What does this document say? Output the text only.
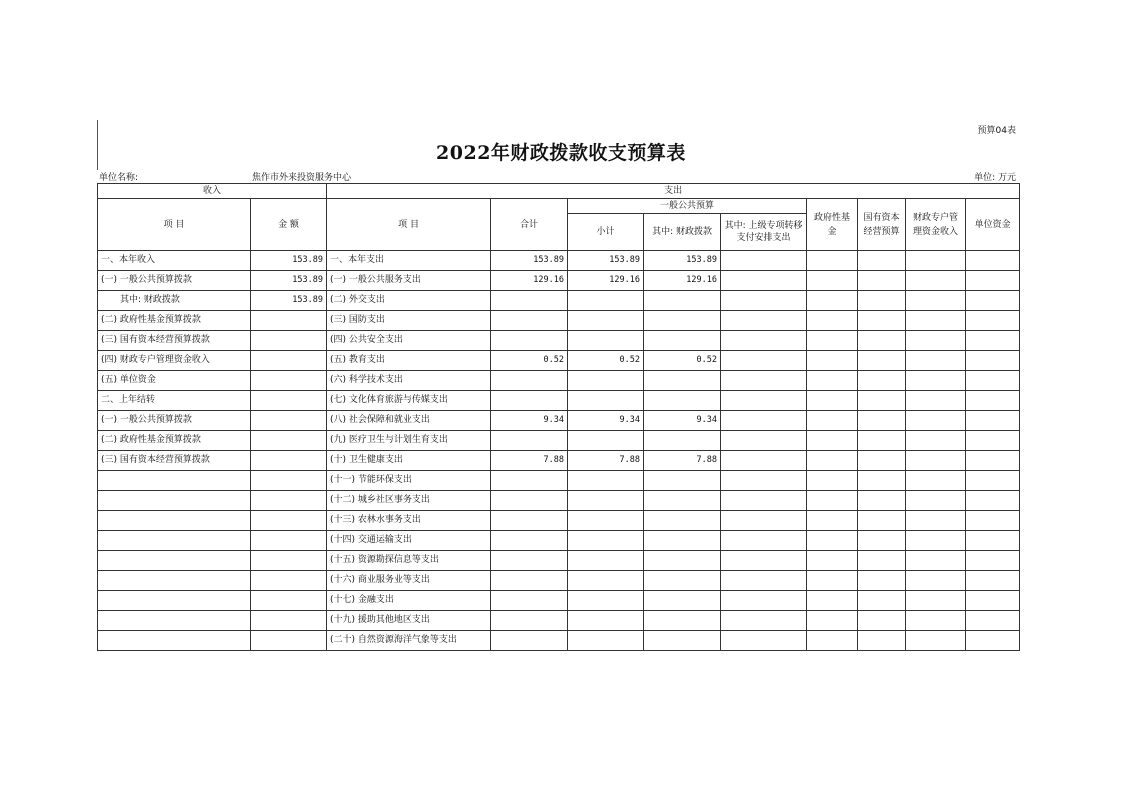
预算04表
2022年财政拨款收支预算表
单位名称:	焦作市外来投资服务中心	单位: 万元
收入		支出								
项 目	金 额	项 目	合计	一般公共预算			政府性基金	国有资本经营预算	财政专户管理资金收入	单位资金
				小计	其中: 财政拨款	其中: 上级专项转移支付安排支出				
一、本年收入	153.89	一、本年支出	153.89	153.89	153.89					
(一) 一般公共预算拨款	153.89	(一) 一般公共服务支出	129.16	129.16	129.16					
其中: 财政拨款	153.89	(二) 外交支出								
(二) 政府性基金预算拨款		(三) 国防支出								
(三) 国有资本经营预算拨款		(四) 公共安全支出								
(四) 财政专户管理资金收入		(五) 教育支出	0.52	0.52	0.52					
(五) 单位资金		(六) 科学技术支出								
二、上年结转		(七) 文化体育旅游与传媒支出								
(一) 一般公共预算拨款		(八) 社会保障和就业支出	9.34	9.34	9.34					
(二) 政府性基金预算拨款		(九) 医疗卫生与计划生育支出								
(三) 国有资本经营预算拨款		(十) 卫生健康支出	7.88	7.88	7.88					
		(十一) 节能环保支出								
		(十二) 城乡社区事务支出								
		(十三) 农林水事务支出								
		(十四) 交通运输支出								
		(十五) 资源勘探信息等支出								
		(十六) 商业服务业等支出								
		(十七) 金融支出								
		(十九) 援助其他地区支出								
		(二十) 自然资源海洋气象等支出								
